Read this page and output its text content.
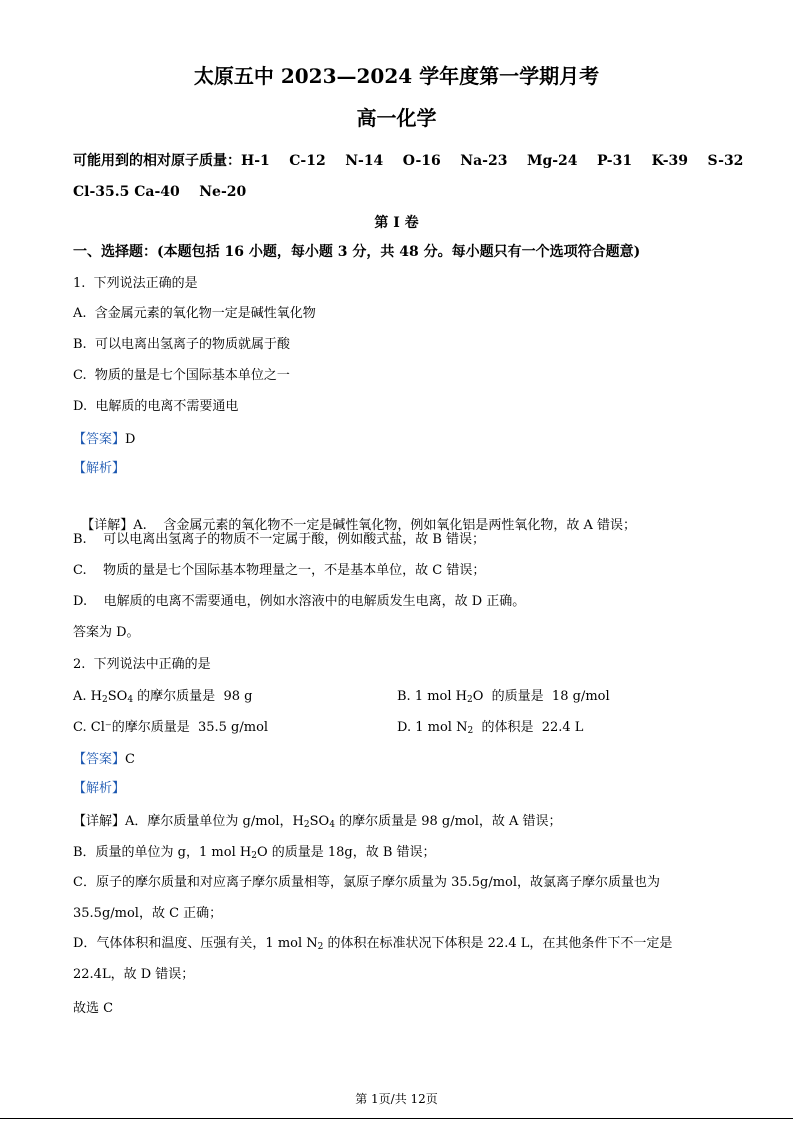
太原五中 2023—2024 学年度第一学期月考
高一化学
可能用到的相对原子质量：H-1    C-12    N-14    O-16    Na-23    Mg-24    P-31    K-39    S-32
Cl-35.5 Ca-40    Ne-20
第 I 卷
一、选择题：(本题包括 16 小题，每小题 3 分，共 48 分。每小题只有一个选项符合题意)
1.  下列说法正确的是
A.  含金属元素的氧化物一定是碱性氧化物
B.  可以电离出氢离子的物质就属于酸
C.  物质的量是七个国际基本单位之一
D.  电解质的电离不需要通电
【答案】D
【解析】

【详解】A.    含金属元素的氧化物不一定是碱性氧化物，例如氧化铝是两性氧化物，故 A 错误；

B.    可以电离出氢离子的物质不一定属于酸，例如酸式盐，故 B 错误；
C.    物质的量是七个国际基本物理量之一，不是基本单位，故 C 错误；
D.    电解质的电离不需要通电，例如水溶液中的电解质发生电离，故 D 正确。
答案为 D。
2.  下列说法中正确的是
A. $H_2SO_4$ 的摩尔质量是  98 g	B. 1 mol $H_2O$  的质量是  18 g/mol
C. Cl⁻的摩尔质量是  35.5 g/mol	D. 1 mol $N_2$  的体积是  22.4 L
【答案】C
【解析】
【详解】A．摩尔质量单位为 g/mol，$H_2SO_4$ 的摩尔质量是 98 g/mol，故 A 错误；
B．质量的单位为 g，1 mol $H_2O$ 的质量是 18g，故 B 错误；
C．原子的摩尔质量和对应离子摩尔质量相等，氯原子摩尔质量为 35.5g/mol，故氯离子摩尔质量也为
35.5g/mol，故 C 正确；
D．气体体积和温度、压强有关，1 mol $N_2$ 的体积在标准状况下体积是 22.4 L，在其他条件下不一定是
22.4L，故 D 错误；
故选 C
第 1页/共 12页
